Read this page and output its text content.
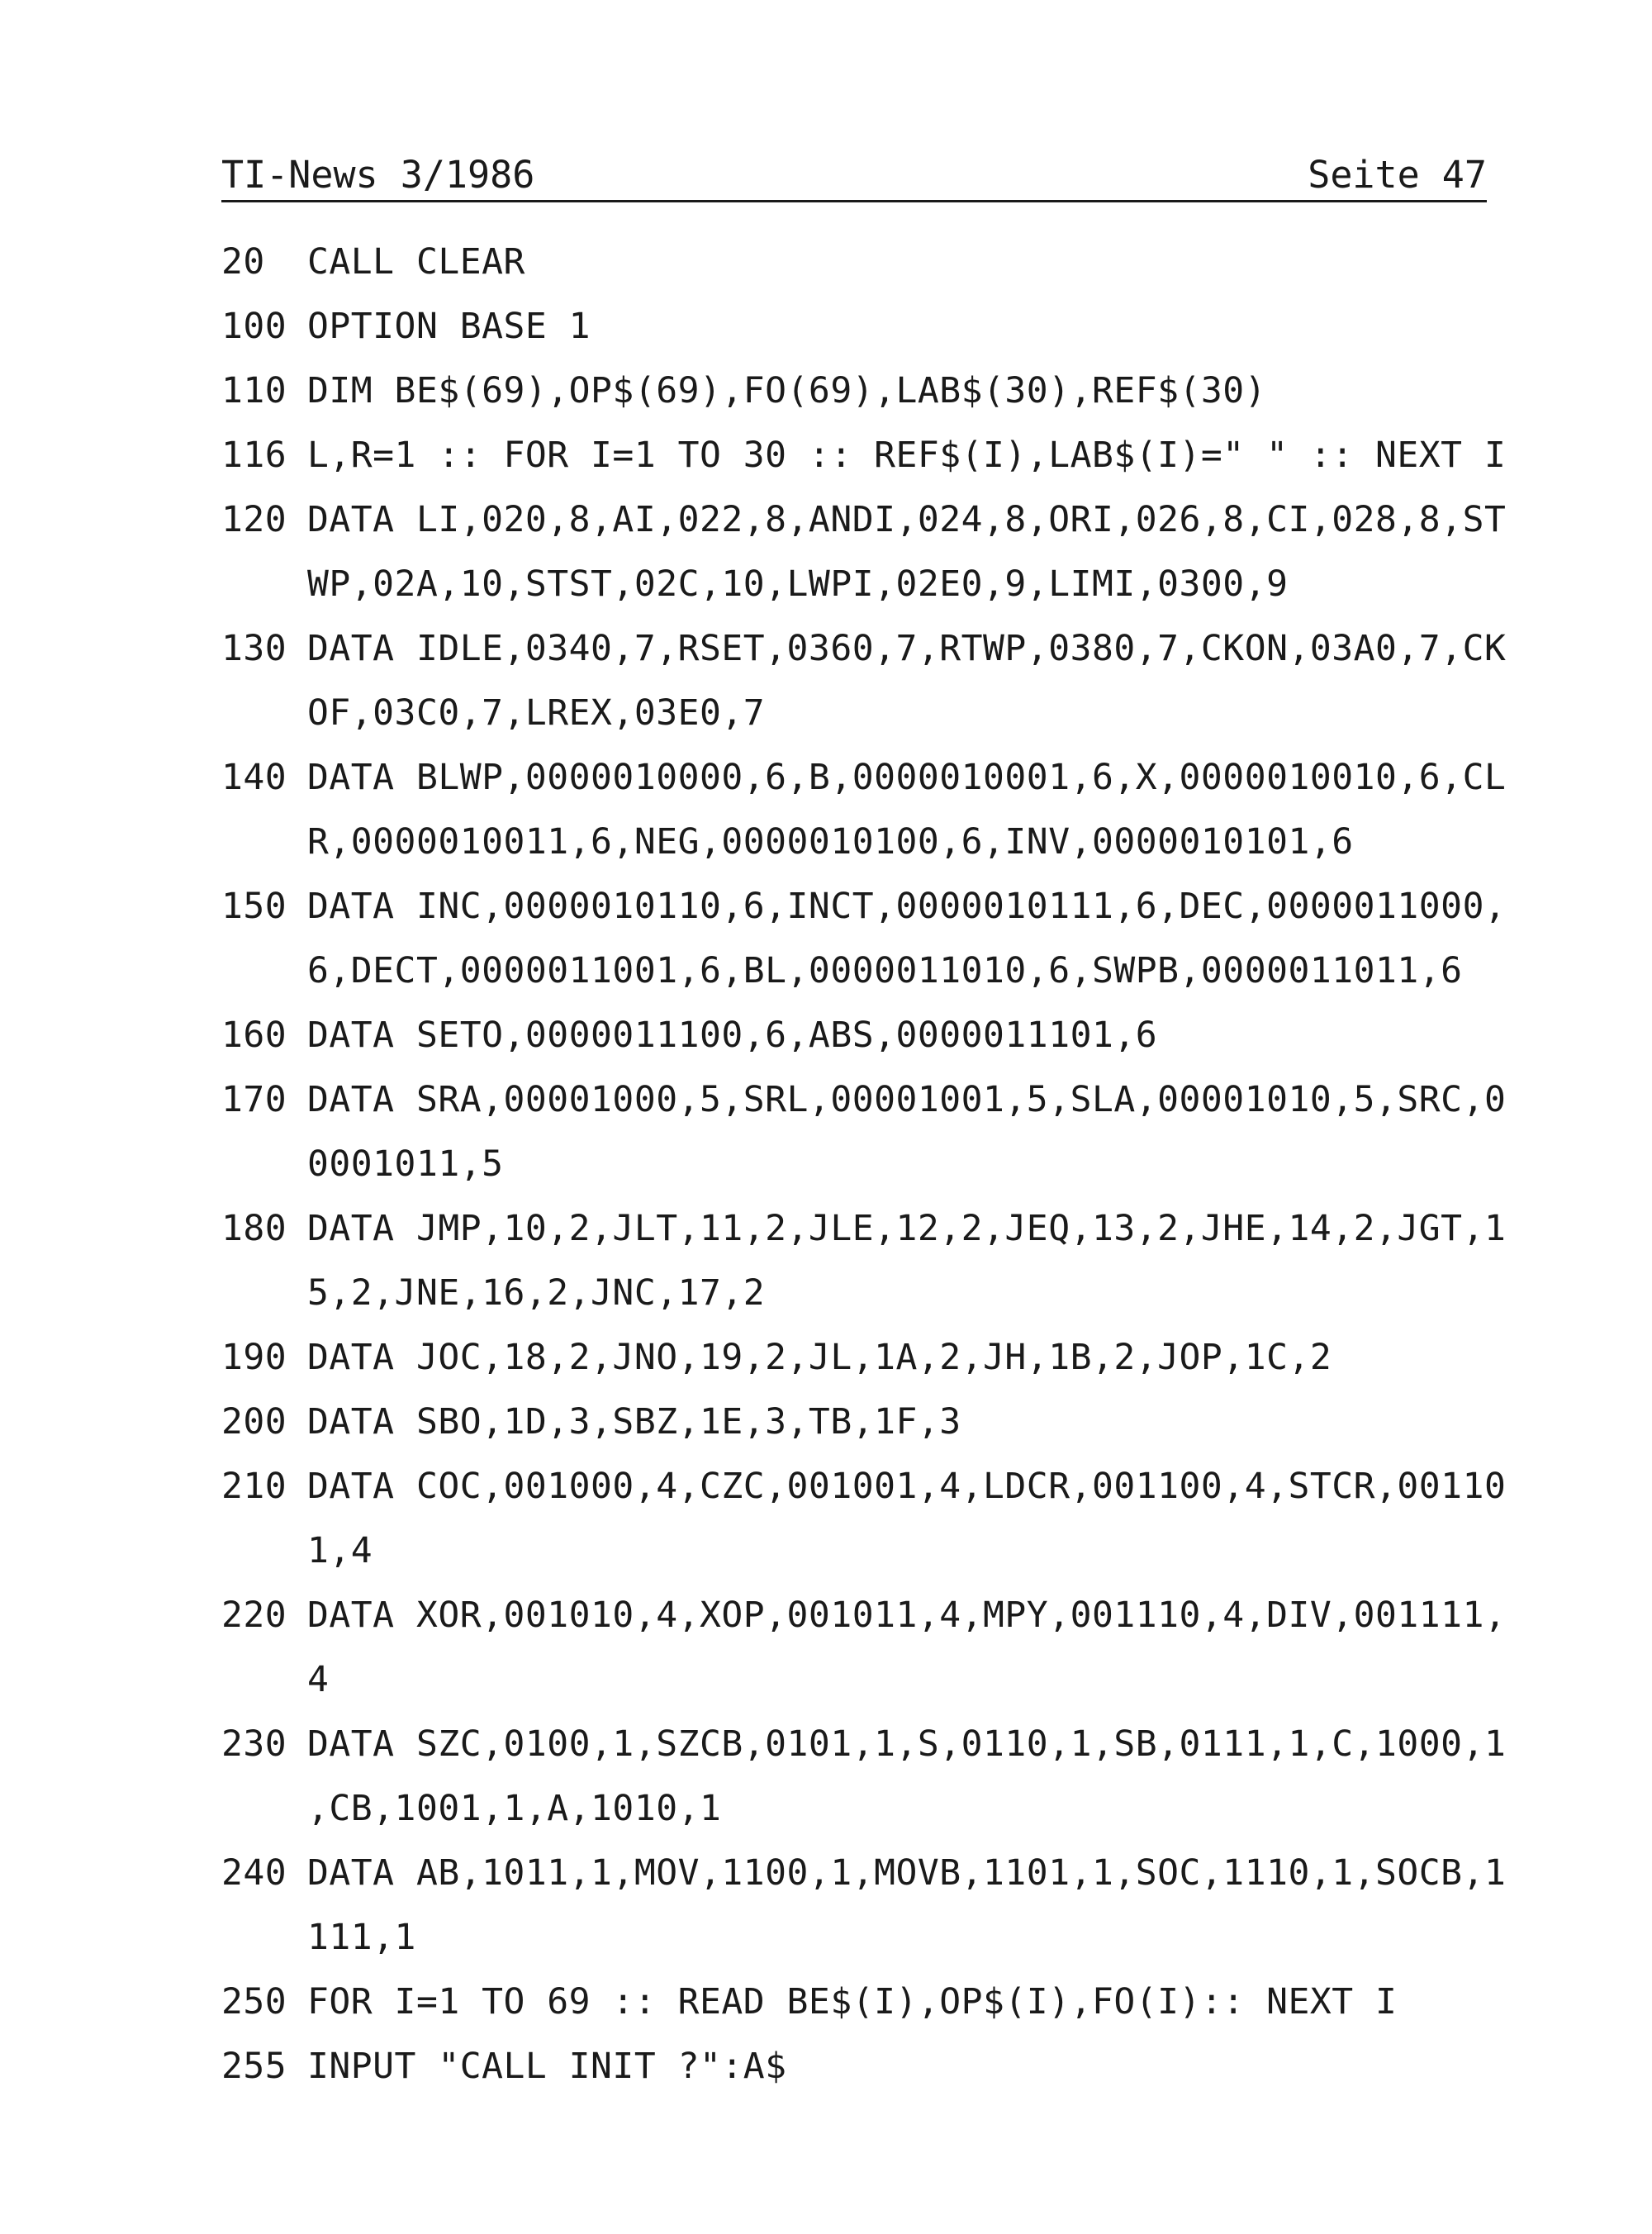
TI-News 3/1986	Seite 47
20 CALL CLEAR
100 OPTION BASE 1
110 DIM BE$(69),OP$(69),FO(69),LAB$(30),REF$(30)
116 L,R=1 :: FOR I=1 TO 30 :: REF$(I),LAB$(I)=" " :: NEXT I
120 DATA LI,020,8,AI,022,8,ANDI,024,8,ORI,026,8,CI,028,8,ST
WP,02A,10,STST,02C,10,LWPI,02E0,9,LIMI,0300,9
130 DATA IDLE,0340,7,RSET,0360,7,RTWP,0380,7,CKON,03A0,7,CK
OF,03C0,7,LREX,03E0,7
140 DATA BLWP,0000010000,6,B,0000010001,6,X,0000010010,6,CL
R,0000010011,6,NEG,0000010100,6,INV,0000010101,6
150 DATA INC,0000010110,6,INCT,0000010111,6,DEC,0000011000,
6,DECT,0000011001,6,BL,0000011010,6,SWPB,0000011011,6
160 DATA SETO,0000011100,6,ABS,0000011101,6
170 DATA SRA,00001000,5,SRL,00001001,5,SLA,00001010,5,SRC,0
0001011,5
180 DATA JMP,10,2,JLT,11,2,JLE,12,2,JEQ,13,2,JHE,14,2,JGT,1
5,2,JNE,16,2,JNC,17,2
190 DATA JOC,18,2,JNO,19,2,JL,1A,2,JH,1B,2,JOP,1C,2
200 DATA SBO,1D,3,SBZ,1E,3,TB,1F,3
210 DATA COC,001000,4,CZC,001001,4,LDCR,001100,4,STCR,00110
1,4
220 DATA XOR,001010,4,XOP,001011,4,MPY,001110,4,DIV,001111,
4
230 DATA SZC,0100,1,SZCB,0101,1,S,0110,1,SB,0111,1,C,1000,1
,CB,1001,1,A,1010,1
240 DATA AB,1011,1,MOV,1100,1,MOVB,1101,1,SOC,1110,1,SOCB,1
111,1
250 FOR I=1 TO 69 :: READ BE$(I),OP$(I),FO(I):: NEXT I
255 INPUT "CALL INIT ?":A$
